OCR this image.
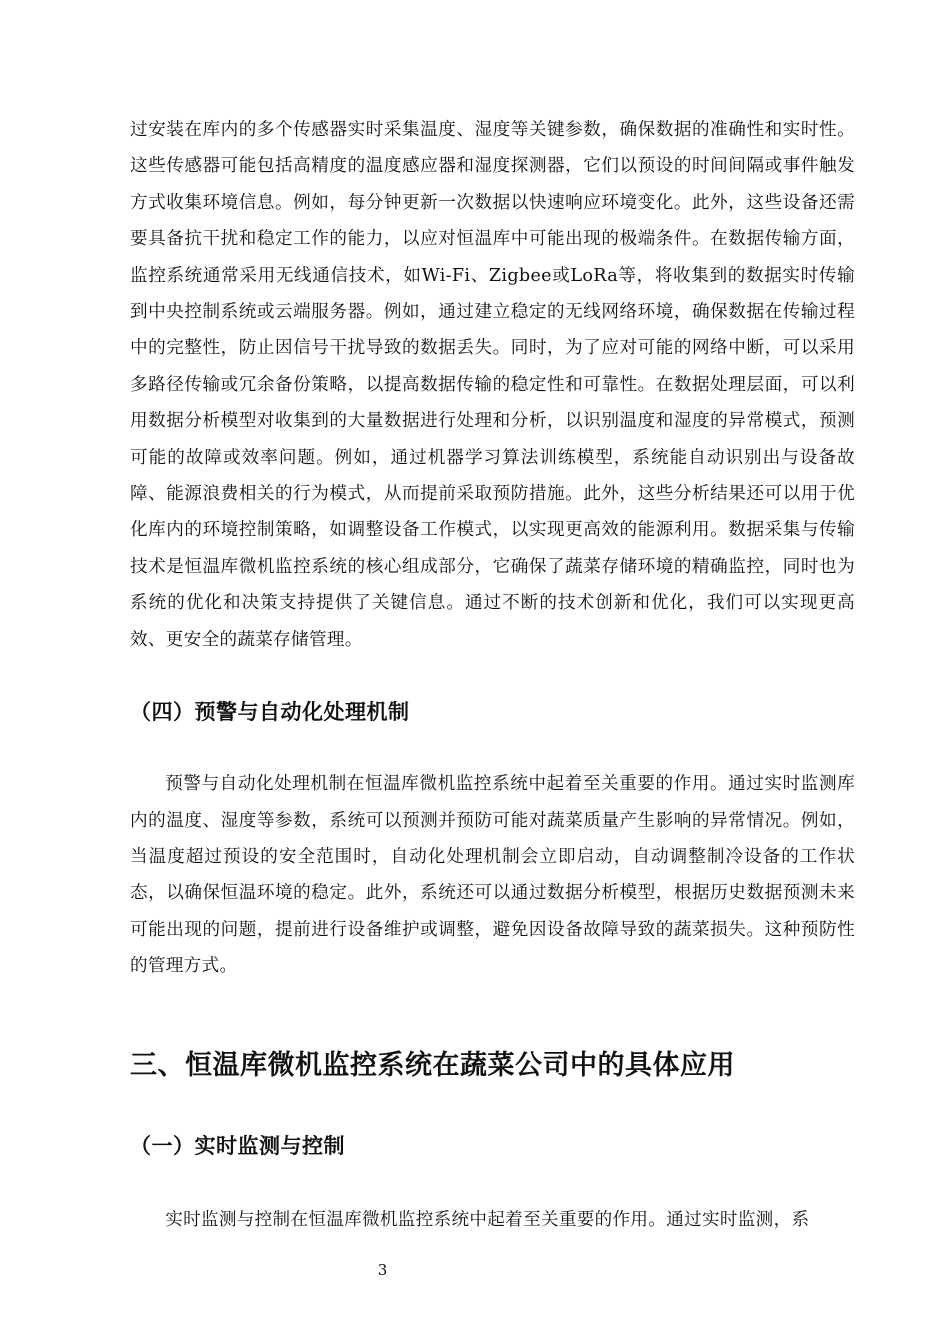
过安装在库内的多个传感器实时采集温度、湿度等关键参数，确保数据的准确性和实时性。这些传感器可能包括高精度的温度感应器和湿度探测器，它们以预设的时间间隔或事件触发方式收集环境信息。例如，每分钟更新一次数据以快速响应环境变化。此外，这些设备还需要具备抗干扰和稳定工作的能力，以应对恒温库中可能出现的极端条件。在数据传输方面，监控系统通常采用无线通信技术，如Wi-Fi、Zigbee或LoRa等，将收集到的数据实时传输到中央控制系统或云端服务器。例如，通过建立稳定的无线网络环境，确保数据在传输过程中的完整性，防止因信号干扰导致的数据丢失。同时，为了应对可能的网络中断，可以采用多路径传输或冗余备份策略，以提高数据传输的稳定性和可靠性。在数据处理层面，可以利用数据分析模型对收集到的大量数据进行处理和分析，以识别温度和湿度的异常模式，预测可能的故障或效率问题。例如，通过机器学习算法训练模型，系统能自动识别出与设备故障、能源浪费相关的行为模式，从而提前采取预防措施。此外，这些分析结果还可以用于优化库内的环境控制策略，如调整设备工作模式，以实现更高效的能源利用。数据采集与传输技术是恒温库微机监控系统的核心组成部分，它确保了蔬菜存储环境的精确监控，同时也为系统的优化和决策支持提供了关键信息。通过不断的技术创新和优化，我们可以实现更高效、更安全的蔬菜存储管理。

（四）预警与自动化处理机制

预警与自动化处理机制在恒温库微机监控系统中起着至关重要的作用。通过实时监测库内的温度、湿度等参数，系统可以预测并预防可能对蔬菜质量产生影响的异常情况。例如，当温度超过预设的安全范围时，自动化处理机制会立即启动，自动调整制冷设备的工作状态，以确保恒温环境的稳定。此外，系统还可以通过数据分析模型，根据历史数据预测未来可能出现的问题，提前进行设备维护或调整，避免因设备故障导致的蔬菜损失。这种预防性的管理方式。

三、恒温库微机监控系统在蔬菜公司中的具体应用
（一）实时监测与控制

实时监测与控制在恒温库微机监控系统中起着至关重要的作用。通过实时监测，系

3
